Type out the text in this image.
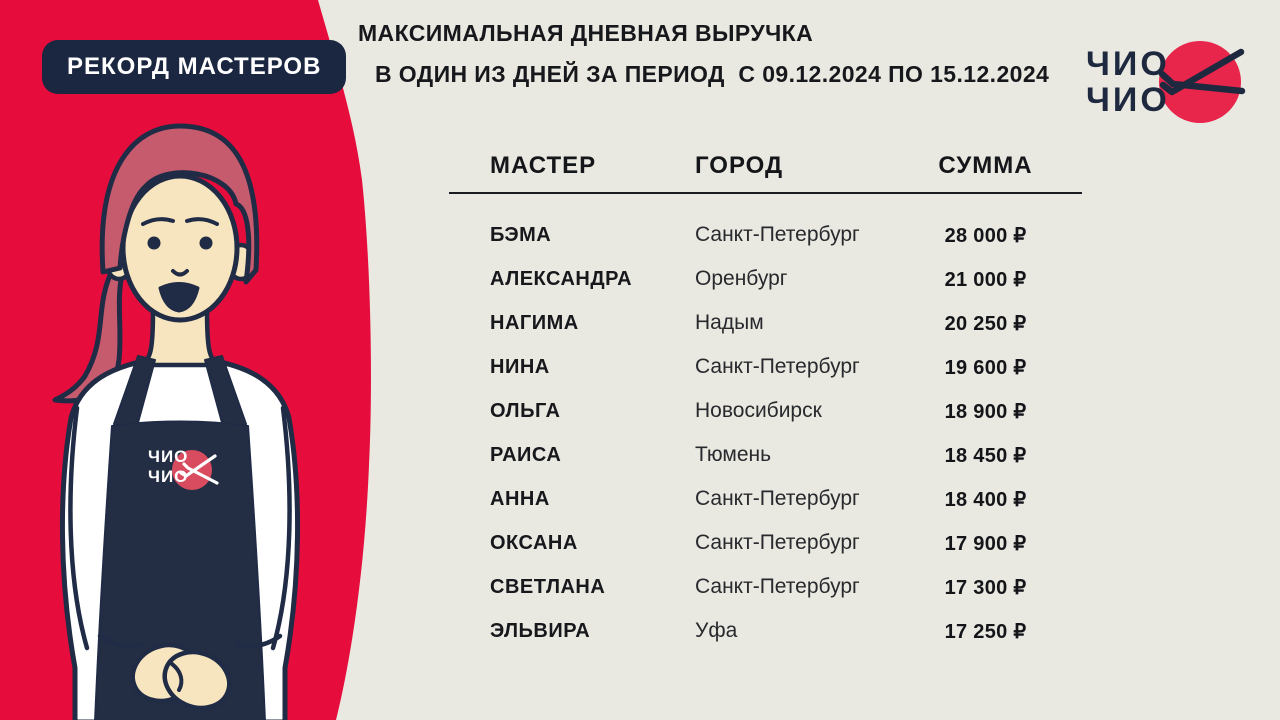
ЧИО
ЧИО
РЕКОРД МАСТЕРОВ
МАКСИМАЛЬНАЯ ДНЕВНАЯ ВЫРУЧКА
В ОДИН ИЗ ДНЕЙ ЗА ПЕРИОД  С 09.12.2024 ПО 15.12.2024	ЧИО
ЧИО
МАСТЕР	ГОРОД	СУММА
БЭМА	Санкт-Петербург	28 000 ₽
АЛЕКСАНДРА	Оренбург	21 000 ₽
НАГИМА	Надым	20 250 ₽
НИНА	Санкт-Петербург	19 600 ₽
ОЛЬГА	Новосибирск	18 900 ₽
РАИСА	Тюмень	18 450 ₽
АННА	Санкт-Петербург	18 400 ₽
ОКСАНА	Санкт-Петербург	17 900 ₽
СВЕТЛАНА	Санкт-Петербург	17 300 ₽
ЭЛЬВИРА	Уфа	17 250 ₽
